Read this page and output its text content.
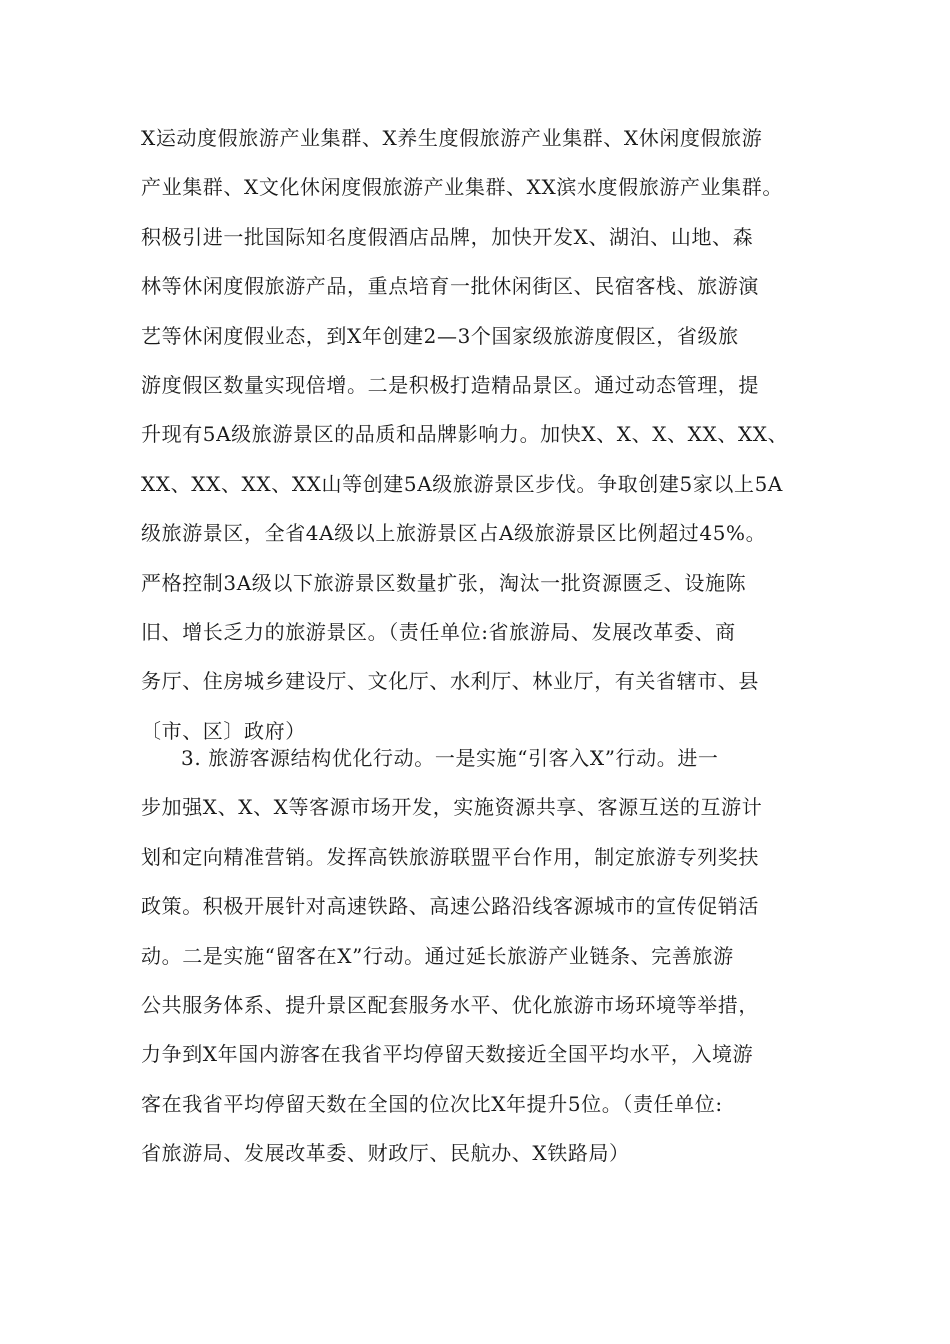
X运动度假旅游产业集群、X养生度假旅游产业集群、X休闲度假旅游
产业集群、X文化休闲度假旅游产业集群、XX滨水度假旅游产业集群。
积极引进一批国际知名度假酒店品牌，加快开发X、湖泊、山地、森
林等休闲度假旅游产品，重点培育一批休闲街区、民宿客栈、旅游演
艺等休闲度假业态，到X年创建2—3个国家级旅游度假区，省级旅
游度假区数量实现倍增。二是积极打造精品景区。通过动态管理，提
升现有5A级旅游景区的品质和品牌影响力。加快X、X、X、XX、XX、
XX、XX、XX、XX山等创建5A级旅游景区步伐。争取创建5家以上5A
级旅游景区，全省4A级以上旅游景区占A级旅游景区比例超过45%。
严格控制3A级以下旅游景区数量扩张，淘汰一批资源匮乏、设施陈
旧、增长乏力的旅游景区。（责任单位:省旅游局、发展改革委、商
务厅、住房城乡建设厅、文化厅、水利厅、林业厅，有关省辖市、县
〔市、区〕政府）
3. 旅游客源结构优化行动。一是实施“引客入X”行动。进一
步加强X、X、X等客源市场开发，实施资源共享、客源互送的互游计
划和定向精准营销。发挥高铁旅游联盟平台作用，制定旅游专列奖扶
政策。积极开展针对高速铁路、高速公路沿线客源城市的宣传促销活
动。二是实施“留客在X”行动。通过延长旅游产业链条、完善旅游
公共服务体系、提升景区配套服务水平、优化旅游市场环境等举措，
力争到X年国内游客在我省平均停留天数接近全国平均水平，入境游
客在我省平均停留天数在全国的位次比X年提升5位。（责任单位:
省旅游局、发展改革委、财政厅、民航办、X铁路局）
